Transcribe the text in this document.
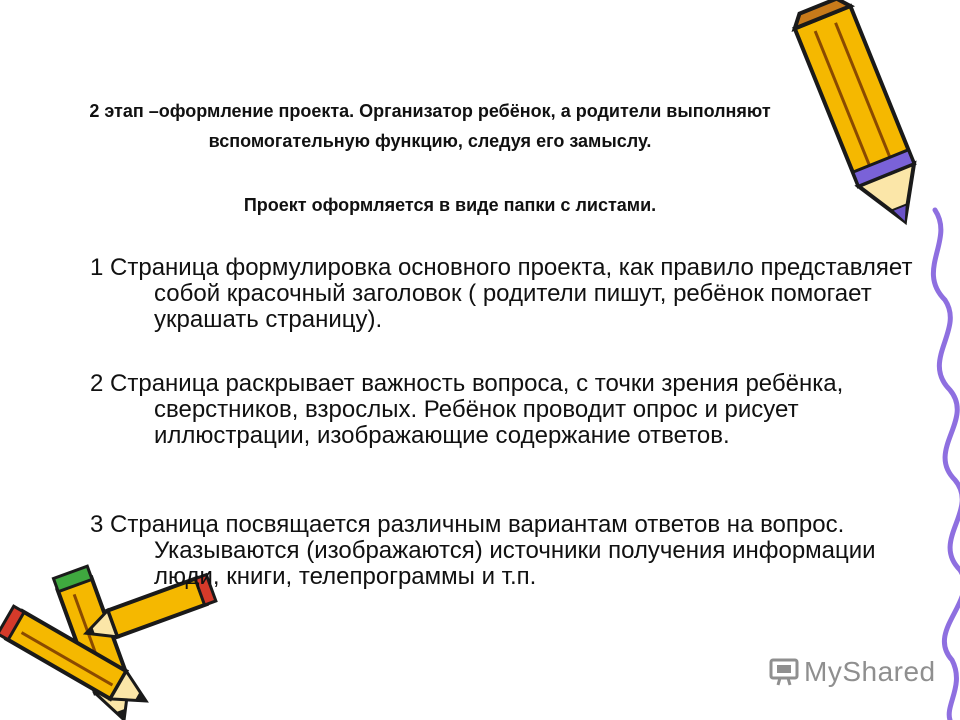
2 этап –оформление проекта. Организатор ребёнок, а родители выполняют вспомогательную функцию, следуя его замыслу.
Проект оформляется в виде папки с листами.
1 Страница формулировка основного проекта, как правило представляет собой красочный заголовок ( родители пишут, ребёнок помогает украшать страницу).
2 Страница раскрывает важность вопроса, с точки зрения ребёнка, сверстников, взрослых. Ребёнок проводит опрос и рисует иллюстрации, изображающие содержание ответов.
3 Страница посвящается различным вариантам ответов на вопрос. Указываются (изображаются) источники получения информации люди, книги, телепрограммы и т.п.
MyShared
